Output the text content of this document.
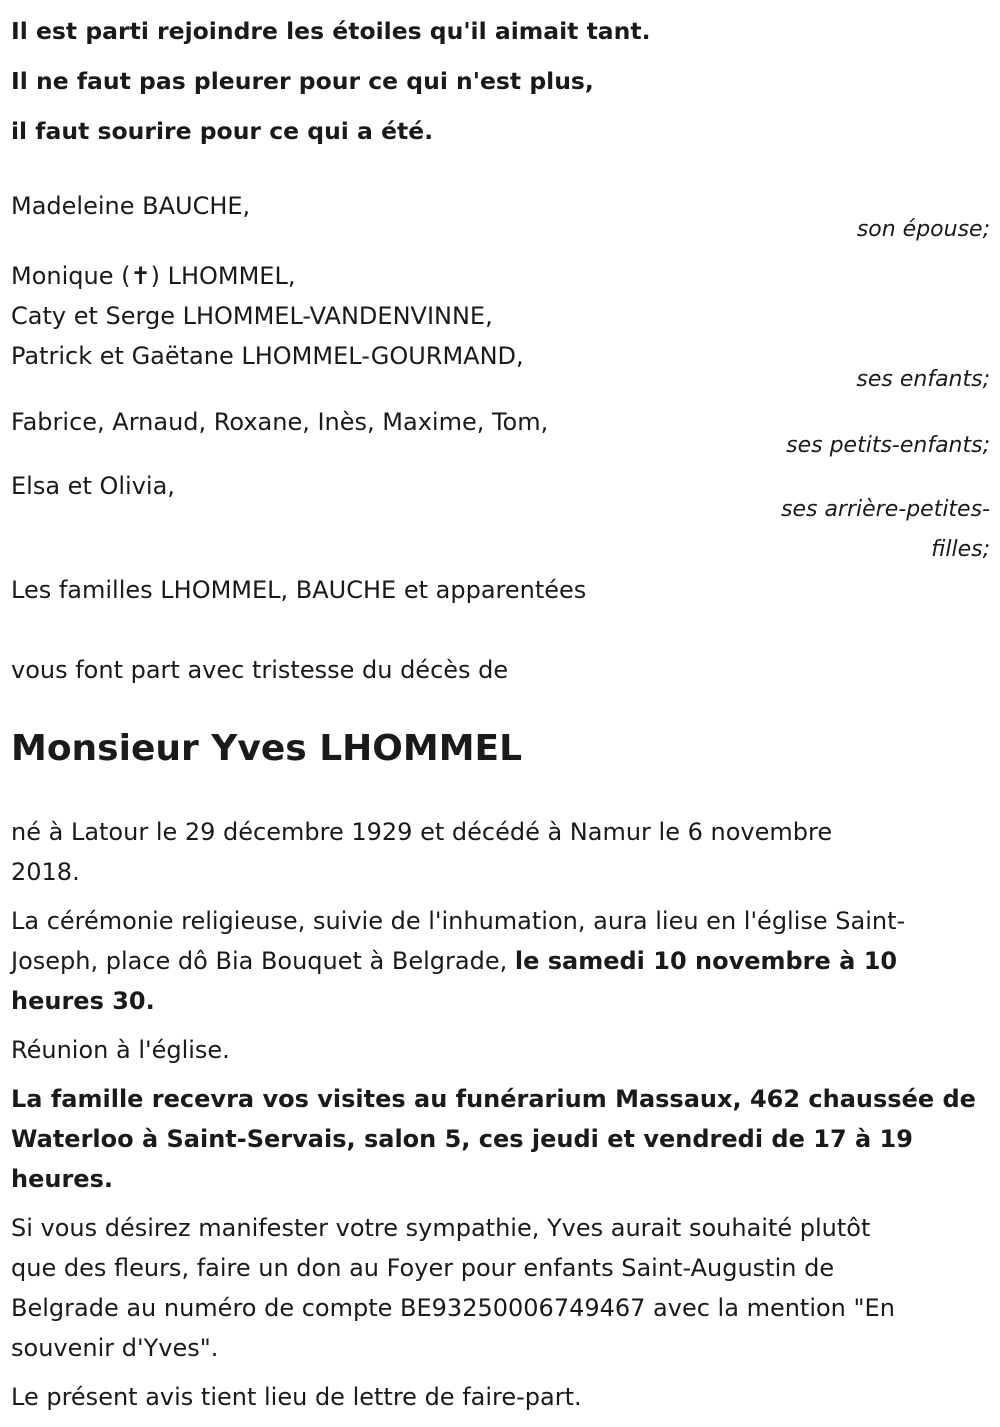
Il est parti rejoindre les étoiles qu'il aimait tant.
Il ne faut pas pleurer pour ce qui n'est plus,
il faut sourire pour ce qui a été.
Madeleine BAUCHE,
son épouse;
Monique (✝) LHOMMEL,
Caty et Serge LHOMMEL-VANDENVINNE,
Patrick et Gaëtane LHOMMEL-GOURMAND,
ses enfants;
Fabrice, Arnaud, Roxane, Inès, Maxime, Tom,
ses petits-enfants;
Elsa et Olivia,
ses arrière-petites-
filles;
Les familles LHOMMEL, BAUCHE et apparentées
vous font part avec tristesse du décès de
Monsieur Yves LHOMMEL
né à Latour le 29 décembre 1929 et décédé à Namur le 6 novembre
2018.
La cérémonie religieuse, suivie de l'inhumation, aura lieu en l'église Saint-
Joseph, place dô Bia Bouquet à Belgrade, le samedi 10 novembre à 10
heures 30.
Réunion à l'église.
La famille recevra vos visites au funérarium Massaux, 462 chaussée de
Waterloo à Saint-Servais, salon 5, ces jeudi et vendredi de 17 à 19
heures.
Si vous désirez manifester votre sympathie, Yves aurait souhaité plutôt
que des fleurs, faire un don au Foyer pour enfants Saint-Augustin de
Belgrade au numéro de compte BE93250006749467 avec la mention "En
souvenir d'Yves".
Le présent avis tient lieu de lettre de faire-part.
